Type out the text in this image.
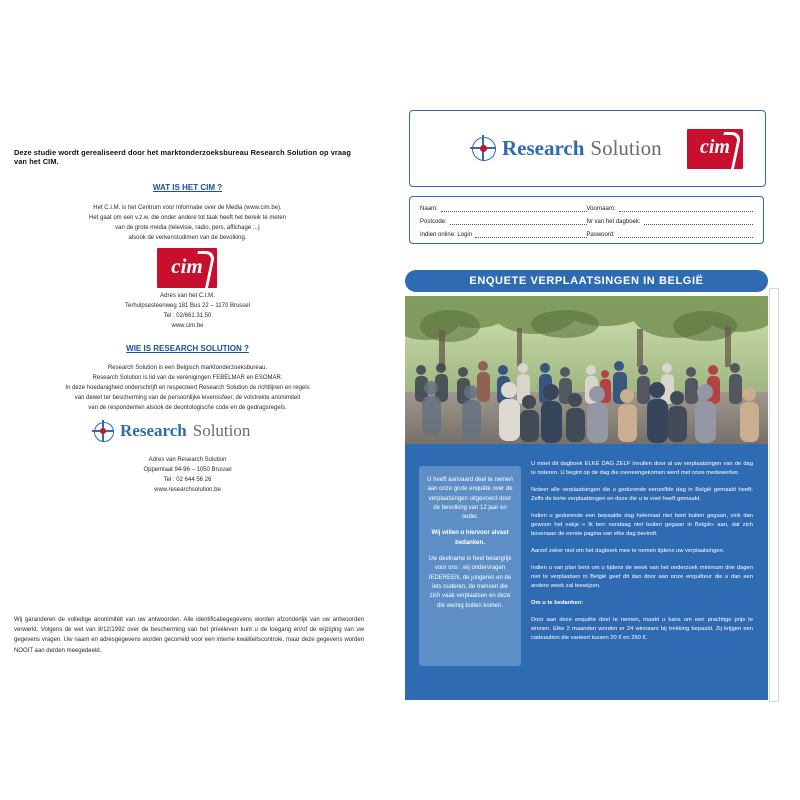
Deze studie wordt gerealiseerd door het marktonderzoeksbureau Research Solution op vraag van het CIM.
WAT IS HET CIM ?
Het C.I.M. is het Centrum voor Informatie over de Media (www.cim.be).
Het gaat om een v.z.w. die onder andere tot taak heeft het bereik te meten
van de grote media (televisie, radio, pers, affichage ...)
alsook de verkenstudimen van de bevolking.
cim
Adres van het C.I.M.
Terhulpsesteenweg 181 Bus 22 – 1170 Brussel
Tel : 02/661.31.50
www.cim.be
WIE IS RESEARCH SOLUTION ?
Research Solution is een Belgisch marktonderzoeksbureau.
Research Solution is lid van de verenigingen FEBELMAR en ESOMAR.
In deze hoedanigheid onderschrijft en respecteert Research Solution de richtlijnen en regels
van dewet ter bescherming van de persoonlijke levenssfeer, de volstrekte anonimiteit
van de respondenten alsook de deontologische code en de gedragsregels.
Research Solution
Adres van Research Solution
Oppemlaat 94-96 – 1050 Brussel
Tel : 02 644 56 26
www.researchsolution.be
Wij garanderen de volledige anonimiteit van uw antwoorden. Alle identificatiegegevens worden afzonderlijk van uw antwoorden verwerkt. Volgens de wet van 8/12/1992 over de bescherming van het privéleven kunt u de toegang en/of de wijziging van uw gegevens vragen. Uw naam en adresgegevens worden gecorreld voor een interne kwaliteitscontrole, maar deze gegevens worden NOOIT aan derden meegedeeld.
Research Solution	cim
Naam:	Voornaam:
Postcode:	Nr van het dagboek:
Indien online: Login	Paswoord:
ENQUETE VERPLAATSINGEN IN BELGIË

U heeft aanvaard deel te nemen aan onze grote enquête over de verplaatsingen uitgevoerd door de bevolking van 12 jaar en ouder.

Wij willen u hiervoor alvast bedanken.

Uw deelname is heel belangrijk voor ons : wij ondervragen IEDEREEN, de jongeren en de iets ouderen, de mensen die zich vaak verplaatsen en deze die weinig buiten komen.

U moet dit dagboek ELKE DAG ZELF invullen door al uw verplaatsingen van de dag te noteren. U begint op de dag die overeengekomen werd met onze medewerker.

Noteer alle verplaatsingen die u gedurende eenzelfde dag in België gemaakt heeft. Zelfs de korte verplaatsingen en deze die u te voet heeft gemaakt.

Indien u gedurende een bepaalde dag helemaal niet bent buiten gegaan, vink dan gewoon het vakje « Ik ben vandaag niet buiten gegaan in België» aan, dat zich bovenaan de eerste pagina van elke dag bevindt.

Aarzel zeker niet om het dagboek mee te nemen tijdens uw verplaatsingen.

Indien u van plan bent om u tijdens de week van het onderzoek minimum drie dagen niet te verplaatsen in België geef dit dan door aan onze enquêteur die u dan een andere week zal toewijzen.

Om u te bedanken:

Door aan deze enquête deel te nemen, maakt u kans om een prachtige prijs te winnen. Elke 2 maanden worden er 24 winnaars bij trekking bepaald. Zij krijgen een cadeaubon die varieert tussen 20 € en 250 €.
